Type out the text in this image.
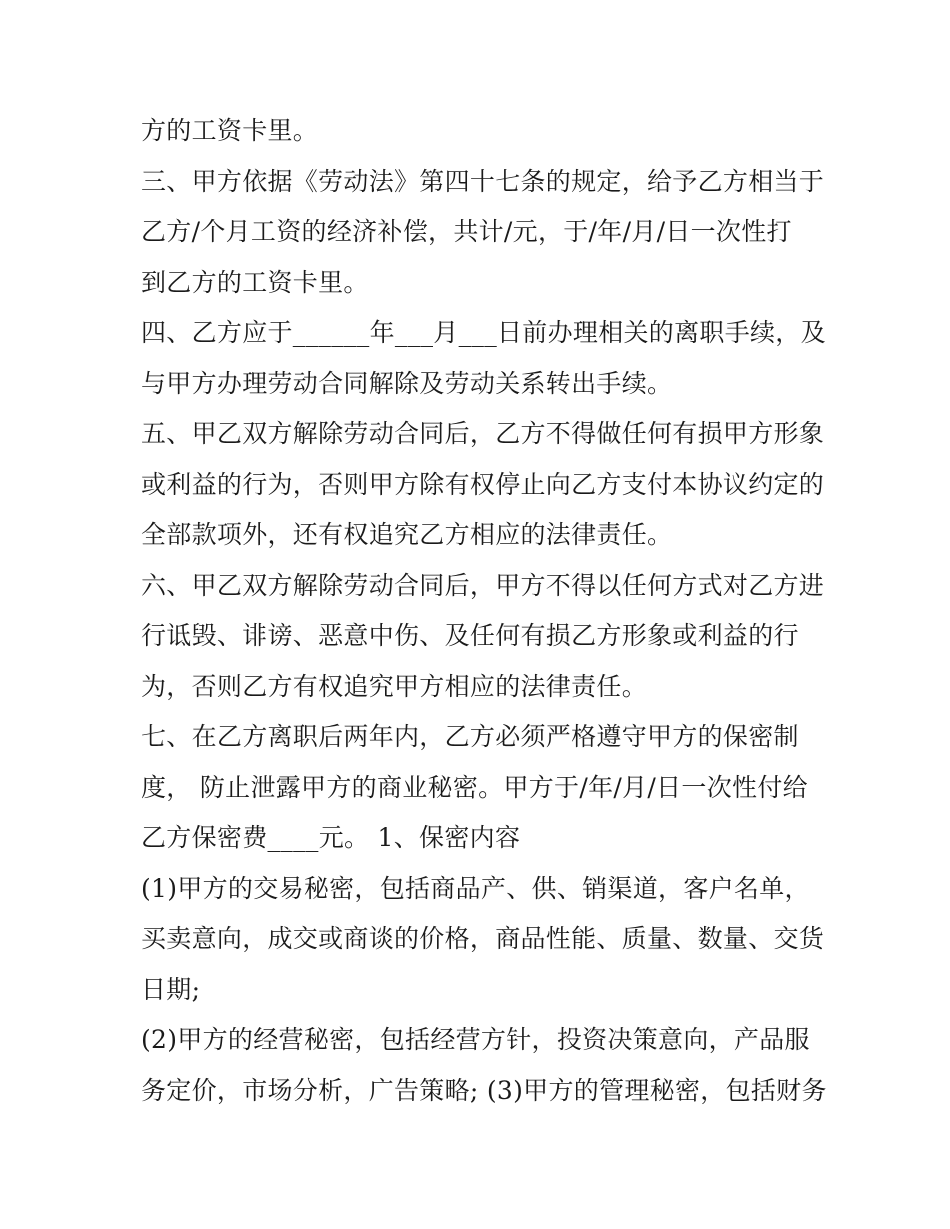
方的工资卡里。
三、甲方依据《劳动法》第四十七条的规定，给予乙方相当于
乙方/个月工资的经济补偿，共计/元，于/年/月/日一次性打
到乙方的工资卡里。
四、乙方应于______年___月___日前办理相关的离职手续，及
与甲方办理劳动合同解除及劳动关系转出手续。
五、甲乙双方解除劳动合同后，乙方不得做任何有损甲方形象
或利益的行为，否则甲方除有权停止向乙方支付本协议约定的
全部款项外，还有权追究乙方相应的法律责任。
六、甲乙双方解除劳动合同后，甲方不得以任何方式对乙方进
行诋毁、诽谤、恶意中伤、及任何有损乙方形象或利益的行
为，否则乙方有权追究甲方相应的法律责任。
七、在乙方离职后两年内，乙方必须严格遵守甲方的保密制
度， 防止泄露甲方的商业秘密。甲方于/年/月/日一次性付给
乙方保密费____元。 1、保密内容
(1)甲方的交易秘密，包括商品产、供、销渠道，客户名单，
买卖意向，成交或商谈的价格，商品性能、质量、数量、交货
日期;
(2)甲方的经营秘密，包括经营方针，投资决策意向，产品服
务定价，市场分析，广告策略; (3)甲方的管理秘密，包括财务
